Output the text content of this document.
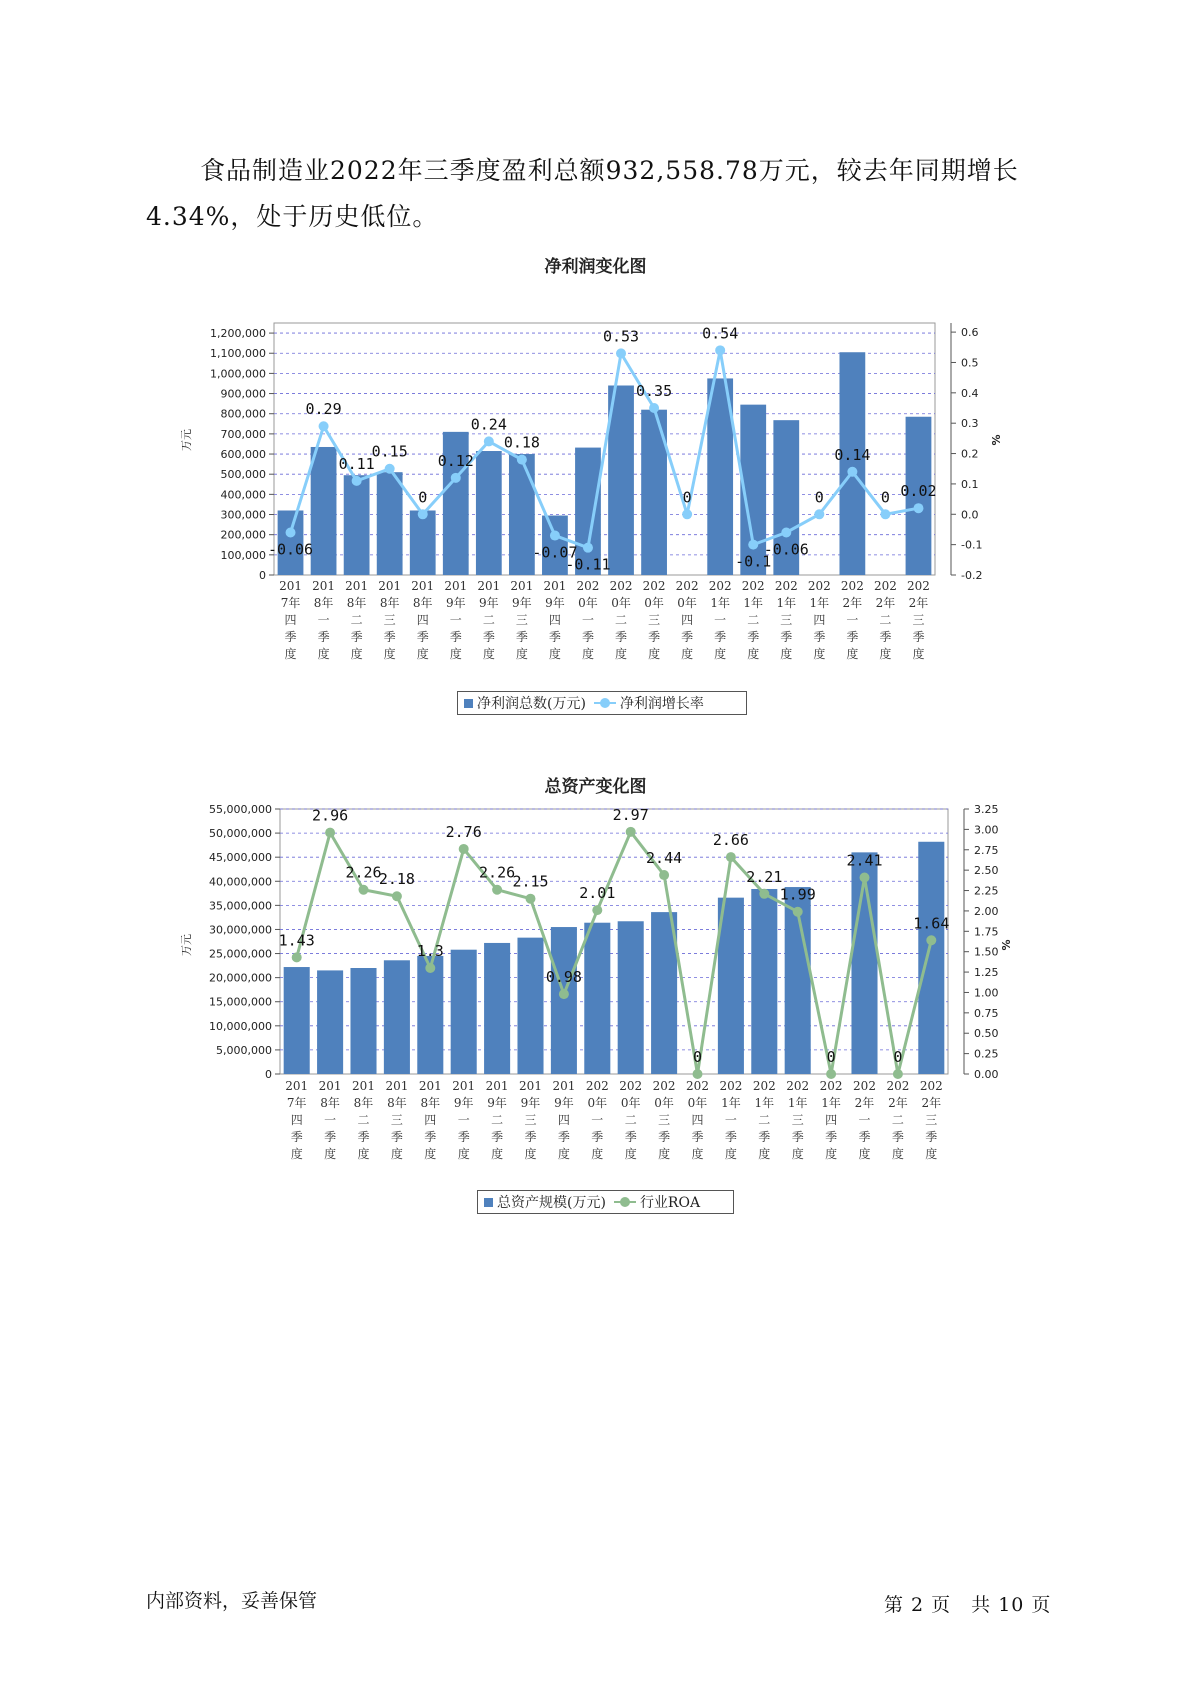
食品制造业2022年三季度盈利总额932,558.78万元，较去年同期增长4.34%，处于历史低位。
净利润变化图
0
100,000
200,000
300,000
400,000
500,000
600,000
700,000
800,000
900,000
1,000,000
1,100,000
1,200,000
-0.2
-0.1
0.0
0.1
0.2
0.3
0.4
0.5
0.6
万元	%
-0.06
0.29
0.11
0.15
0
0.12
0.24
0.18
-0.07
-0.11
0.53
0.35
0
0.54
-0.1
-0.06
0
0.14
0 0.02
201
7年
四
季
度
201
8年
一
季
度
201
8年
二
季
度
201
8年
三
季
度
201
8年
四
季
度
201
9年
一
季
度
201
9年
二
季
度
201
9年
三
季
度
201
9年
四
季
度
202
0年
一
季
度
202
0年
二
季
度
202
0年
三
季
度
202
0年
四
季
度
202
1年
一
季
度
202
1年
二
季
度
202
1年
三
季
度
202
1年
四
季
度
202
2年
一
季
度
202
2年
二
季
度
202
2年
三
季
度
净利润总数(万元) 净利润增长率
总资产变化图
0
5,000,000
10,000,000
15,000,000
20,000,000
25,000,000
30,000,000
35,000,000
40,000,000
45,000,000
50,000,000
55,000,000
0.00
0.25
0.50
0.75
1.00
1.25
1.50
1.75
2.00
2.25
2.50
2.75
3.00
3.25
万元	%
1.43
2.96
2.26
2.18
1.3
2.76
2.26
2.15
0.98
2.01
2.97
2.44
0
2.66
2.21
1.99
0
2.41
0
1.64
201
7年
四
季
度
201
8年
一
季
度
201
8年
二
季
度
201
8年
三
季
度
201
8年
四
季
度
201
9年
一
季
度
201
9年
二
季
度
201
9年
三
季
度
201
9年
四
季
度
202
0年
一
季
度
202
0年
二
季
度
202
0年
三
季
度
202
0年
四
季
度
202
1年
一
季
度
202
1年
二
季
度
202
1年
三
季
度
202
1年
四
季
度
202
2年
一
季
度
202
2年
二
季
度
202
2年
三
季
度
总资产规模(万元) 行业ROA
内部资料，妥善保管	第 2 页　共 10 页
